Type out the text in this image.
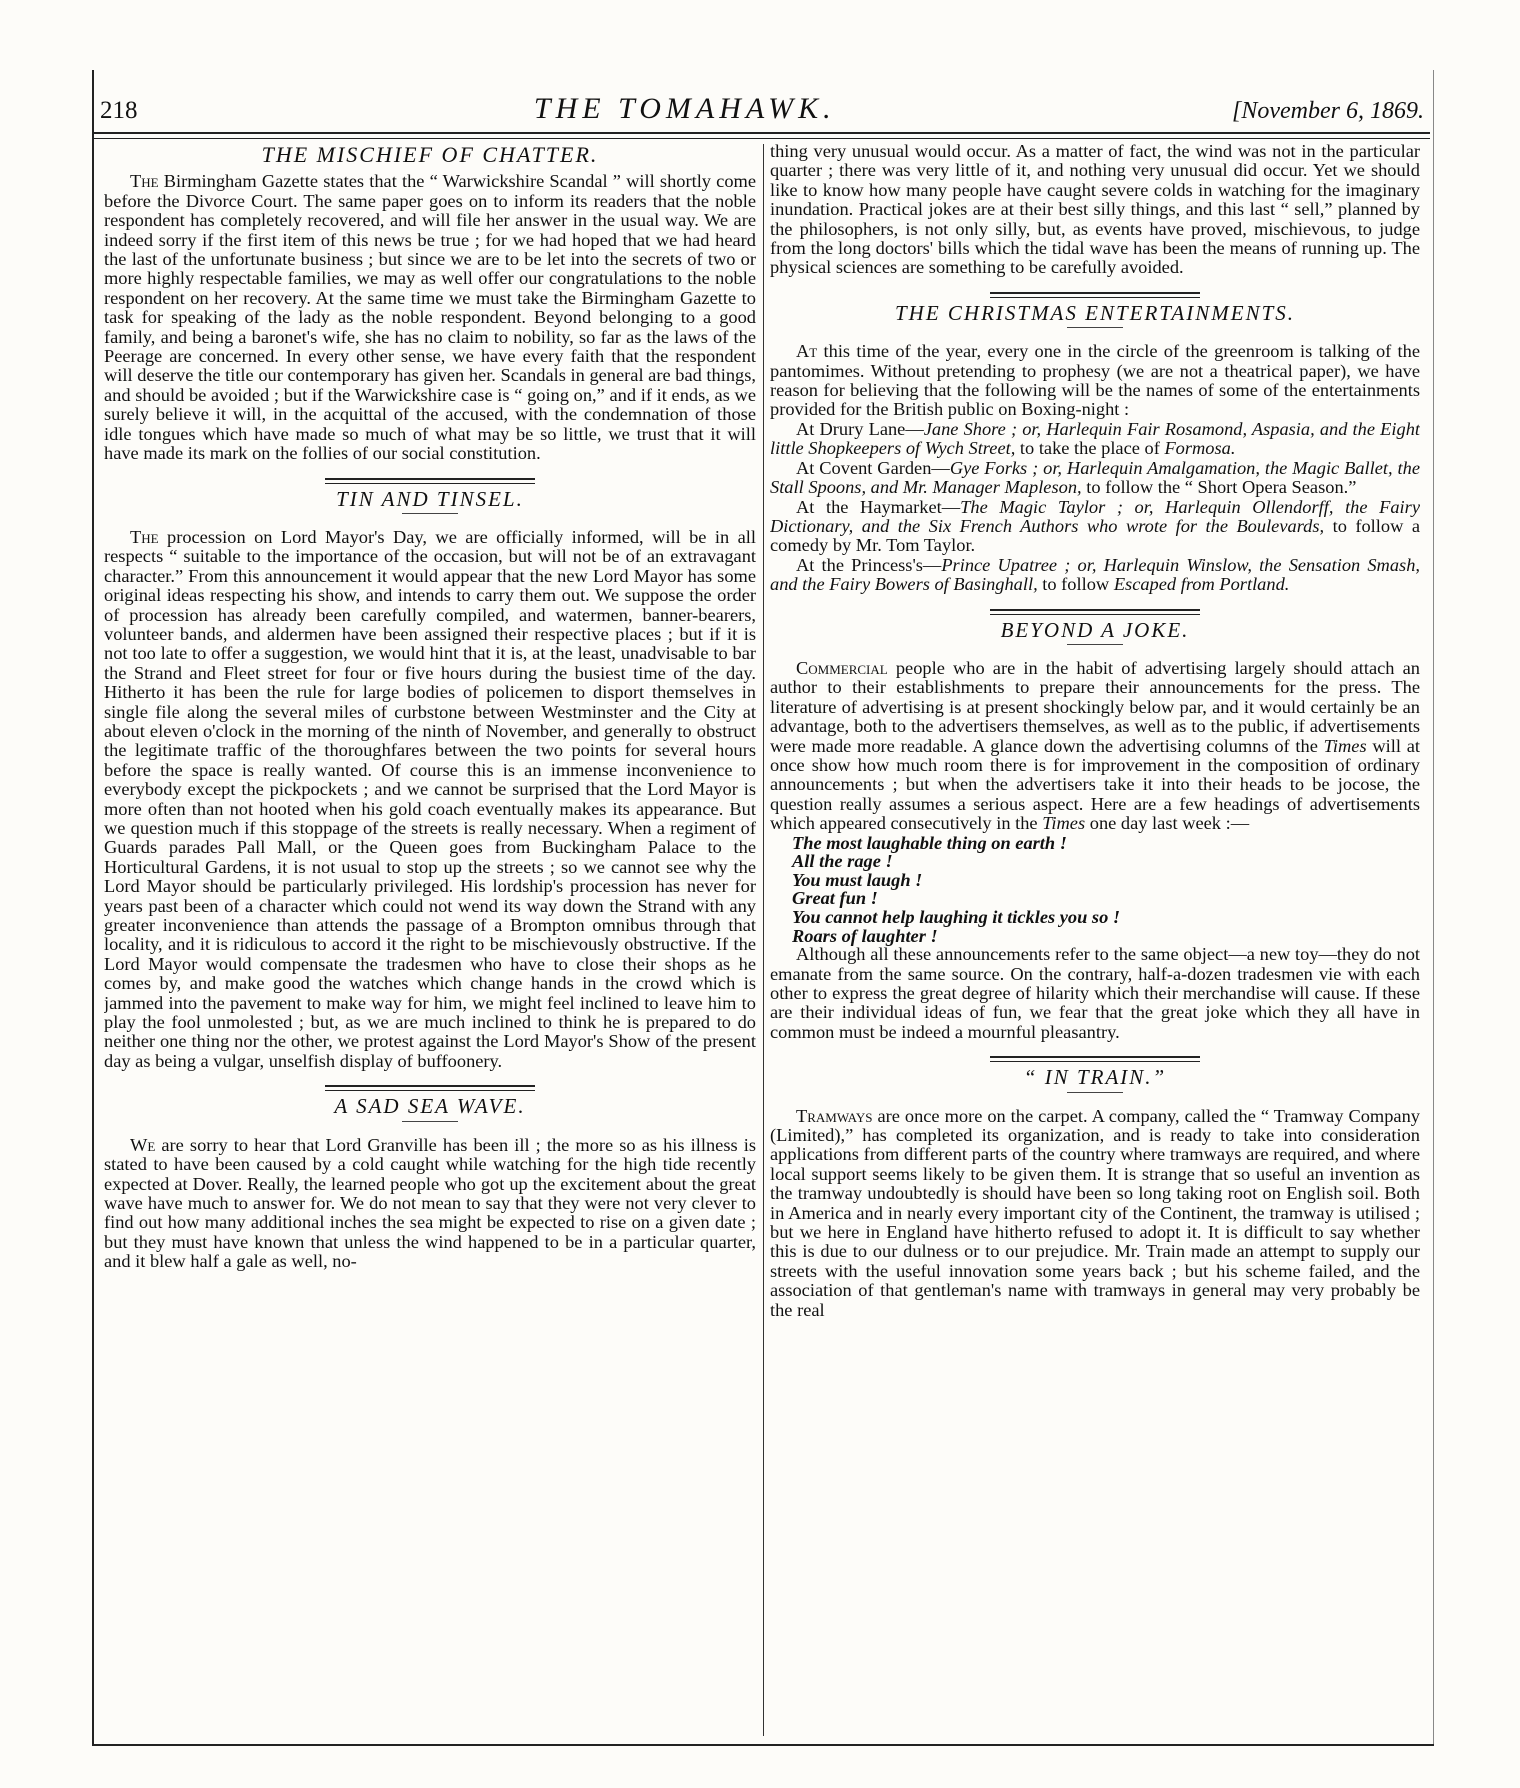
218	THE TOMAHAWK.	[November 6, 1869.
THE MISCHIEF OF CHATTER.

The Birmingham Gazette states that the “ Warwickshire Scandal ” will shortly come before the Divorce Court. The same paper goes on to inform its readers that the noble respondent has completely recovered, and will file her answer in the usual way. We are indeed sorry if the first item of this news be true ; for we had hoped that we had heard the last of the unfortunate business ; but since we are to be let into the secrets of two or more highly respectable families, we may as well offer our congratulations to the noble respondent on her recovery. At the same time we must take the Birmingham Gazette to task for speaking of the lady as the noble respondent. Beyond belonging to a good family, and being a baronet's wife, she has no claim to nobility, so far as the laws of the Peerage are concerned. In every other sense, we have every faith that the respondent will deserve the title our contemporary has given her. Scandals in general are bad things, and should be avoided ; but if the Warwickshire case is “ going on,” and if it ends, as we surely believe it will, in the acquittal of the accused, with the condemnation of those idle tongues which have made so much of what may be so little, we trust that it will have made its mark on the follies of our social constitution.

TIN AND TINSEL.

The procession on Lord Mayor's Day, we are officially informed, will be in all respects “ suitable to the importance of the occasion, but will not be of an extravagant character.” From this announcement it would appear that the new Lord Mayor has some original ideas respecting his show, and intends to carry them out. We suppose the order of procession has already been carefully compiled, and watermen, banner-bearers, volunteer bands, and aldermen have been assigned their respective places ; but if it is not too late to offer a suggestion, we would hint that it is, at the least, unadvisable to bar the Strand and Fleet street for four or five hours during the busiest time of the day. Hitherto it has been the rule for large bodies of policemen to disport themselves in single file along the several miles of curbstone between Westminster and the City at about eleven o'clock in the morning of the ninth of November, and generally to obstruct the legitimate traffic of the thoroughfares between the two points for several hours before the space is really wanted. Of course this is an immense inconvenience to everybody except the pickpockets ; and we cannot be surprised that the Lord Mayor is more often than not hooted when his gold coach eventually makes its appearance. But we question much if this stoppage of the streets is really necessary. When a regiment of Guards parades Pall Mall, or the Queen goes from Buckingham Palace to the Horticultural Gardens, it is not usual to stop up the streets ; so we cannot see why the Lord Mayor should be particularly privileged. His lordship's procession has never for years past been of a character which could not wend its way down the Strand with any greater inconvenience than attends the passage of a Brompton omnibus through that locality, and it is ridiculous to accord it the right to be mischievously obstructive. If the Lord Mayor would compensate the tradesmen who have to close their shops as he comes by, and make good the watches which change hands in the crowd which is jammed into the pavement to make way for him, we might feel inclined to leave him to play the fool unmolested ; but, as we are much inclined to think he is prepared to do neither one thing nor the other, we protest against the Lord Mayor's Show of the present day as being a vulgar, unselfish display of buffoonery.

A SAD SEA WAVE.

We are sorry to hear that Lord Granville has been ill ; the more so as his illness is stated to have been caused by a cold caught while watching for the high tide recently expected at Dover. Really, the learned people who got up the excitement about the great wave have much to answer for. We do not mean to say that they were not very clever to find out how many additional inches the sea might be expected to rise on a given date ; but they must have known that unless the wind happened to be in a particular quarter, and it blew half a gale as well, no-

thing very unusual would occur. As a matter of fact, the wind was not in the particular quarter ; there was very little of it, and nothing very unusual did occur. Yet we should like to know how many people have caught severe colds in watching for the imaginary inundation. Practical jokes are at their best silly things, and this last “ sell,” planned by the philosophers, is not only silly, but, as events have proved, mischievous, to judge from the long doctors' bills which the tidal wave has been the means of running up. The physical sciences are something to be carefully avoided.

THE CHRISTMAS ENTERTAINMENTS.

At this time of the year, every one in the circle of the greenroom is talking of the pantomimes. Without pretending to prophesy (we are not a theatrical paper), we have reason for believing that the following will be the names of some of the entertainments provided for the British public on Boxing-night :

At Drury Lane—Jane Shore ; or, Harlequin Fair Rosamond, Aspasia, and the Eight little Shopkeepers of Wych Street, to take the place of Formosa.

At Covent Garden—Gye Forks ; or, Harlequin Amalgamation, the Magic Ballet, the Stall Spoons, and Mr. Manager Mapleson, to follow the “ Short Opera Season.”

At the Haymarket—The Magic Taylor ; or, Harlequin Ollendorff, the Fairy Dictionary, and the Six French Authors who wrote for the Boulevards, to follow a comedy by Mr. Tom Taylor.

At the Princess's—Prince Upatree ; or, Harlequin Winslow, the Sensation Smash, and the Fairy Bowers of Basinghall, to follow Escaped from Portland.

BEYOND A JOKE.

Commercial people who are in the habit of advertising largely should attach an author to their establishments to prepare their announcements for the press. The literature of advertising is at present shockingly below par, and it would certainly be an advantage, both to the advertisers themselves, as well as to the public, if advertisements were made more readable. A glance down the advertising columns of the Times will at once show how much room there is for improvement in the composition of ordinary announcements ; but when the advertisers take it into their heads to be jocose, the question really assumes a serious aspect. Here are a few headings of advertisements which appeared consecutively in the Times one day last week :—

The most laughable thing on earth !
All the rage !
You must laugh !
Great fun !
You cannot help laughing it tickles you so !
Roars of laughter !

Although all these announcements refer to the same object—a new toy—they do not emanate from the same source. On the contrary, half-a-dozen tradesmen vie with each other to express the great degree of hilarity which their merchandise will cause. If these are their individual ideas of fun, we fear that the great joke which they all have in common must be indeed a mournful pleasantry.

“ IN TRAIN.”

Tramways are once more on the carpet. A company, called the “ Tramway Company (Limited),” has completed its organization, and is ready to take into consideration applications from different parts of the country where tramways are required, and where local support seems likely to be given them. It is strange that so useful an invention as the tramway undoubtedly is should have been so long taking root on English soil. Both in America and in nearly every important city of the Continent, the tramway is utilised ; but we here in England have hitherto refused to adopt it. It is difficult to say whether this is due to our dulness or to our prejudice. Mr. Train made an attempt to supply our streets with the useful innovation some years back ; but his scheme failed, and the association of that gentleman's name with tramways in general may very probably be the real
